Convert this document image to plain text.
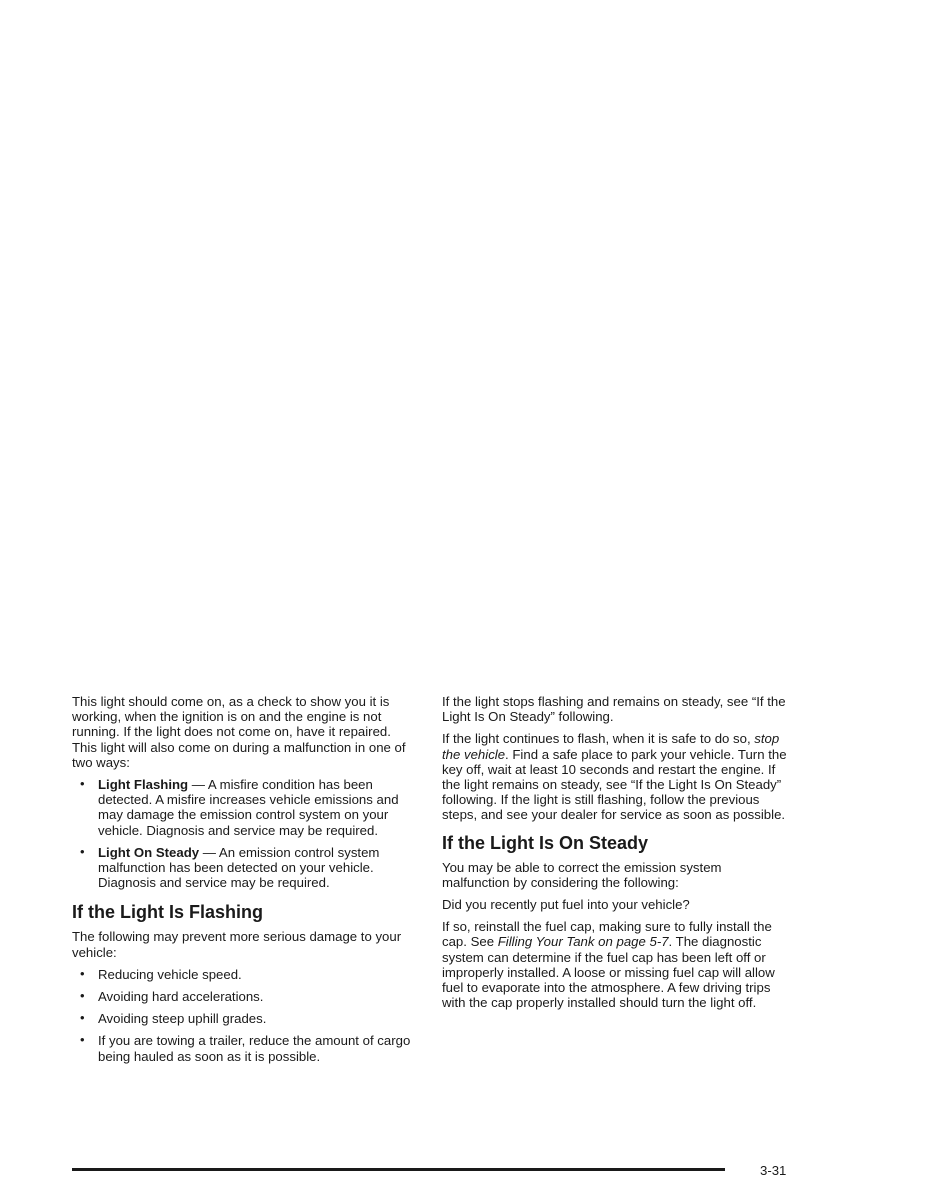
This light should come on, as a check to show you it is working, when the ignition is on and the engine is not running. If the light does not come on, have it repaired. This light will also come on during a malfunction in one of two ways:

• Light Flashing — A misfire condition has been detected. A misfire increases vehicle emissions and may damage the emission control system on your vehicle. Diagnosis and service may be required.
• Light On Steady — An emission control system malfunction has been detected on your vehicle. Diagnosis and service may be required.
If the Light Is Flashing

The following may prevent more serious damage to your vehicle:

• Reducing vehicle speed.
• Avoiding hard accelerations.
• Avoiding steep uphill grades.
• If you are towing a trailer, reduce the amount of cargo being hauled as soon as it is possible.

If the light stops flashing and remains on steady, see “If the Light Is On Steady” following.

If the light continues to flash, when it is safe to do so, stop the vehicle. Find a safe place to park your vehicle. Turn the key off, wait at least 10 seconds and restart the engine. If the light remains on steady, see “If the Light Is On Steady” following. If the light is still flashing, follow the previous steps, and see your dealer for service as soon as possible.

If the Light Is On Steady

You may be able to correct the emission system malfunction by considering the following:

Did you recently put fuel into your vehicle?

If so, reinstall the fuel cap, making sure to fully install the cap. See Filling Your Tank on page 5-7. The diagnostic system can determine if the fuel cap has been left off or improperly installed. A loose or missing fuel cap will allow fuel to evaporate into the atmosphere. A few driving trips with the cap properly installed should turn the light off.

3-31
